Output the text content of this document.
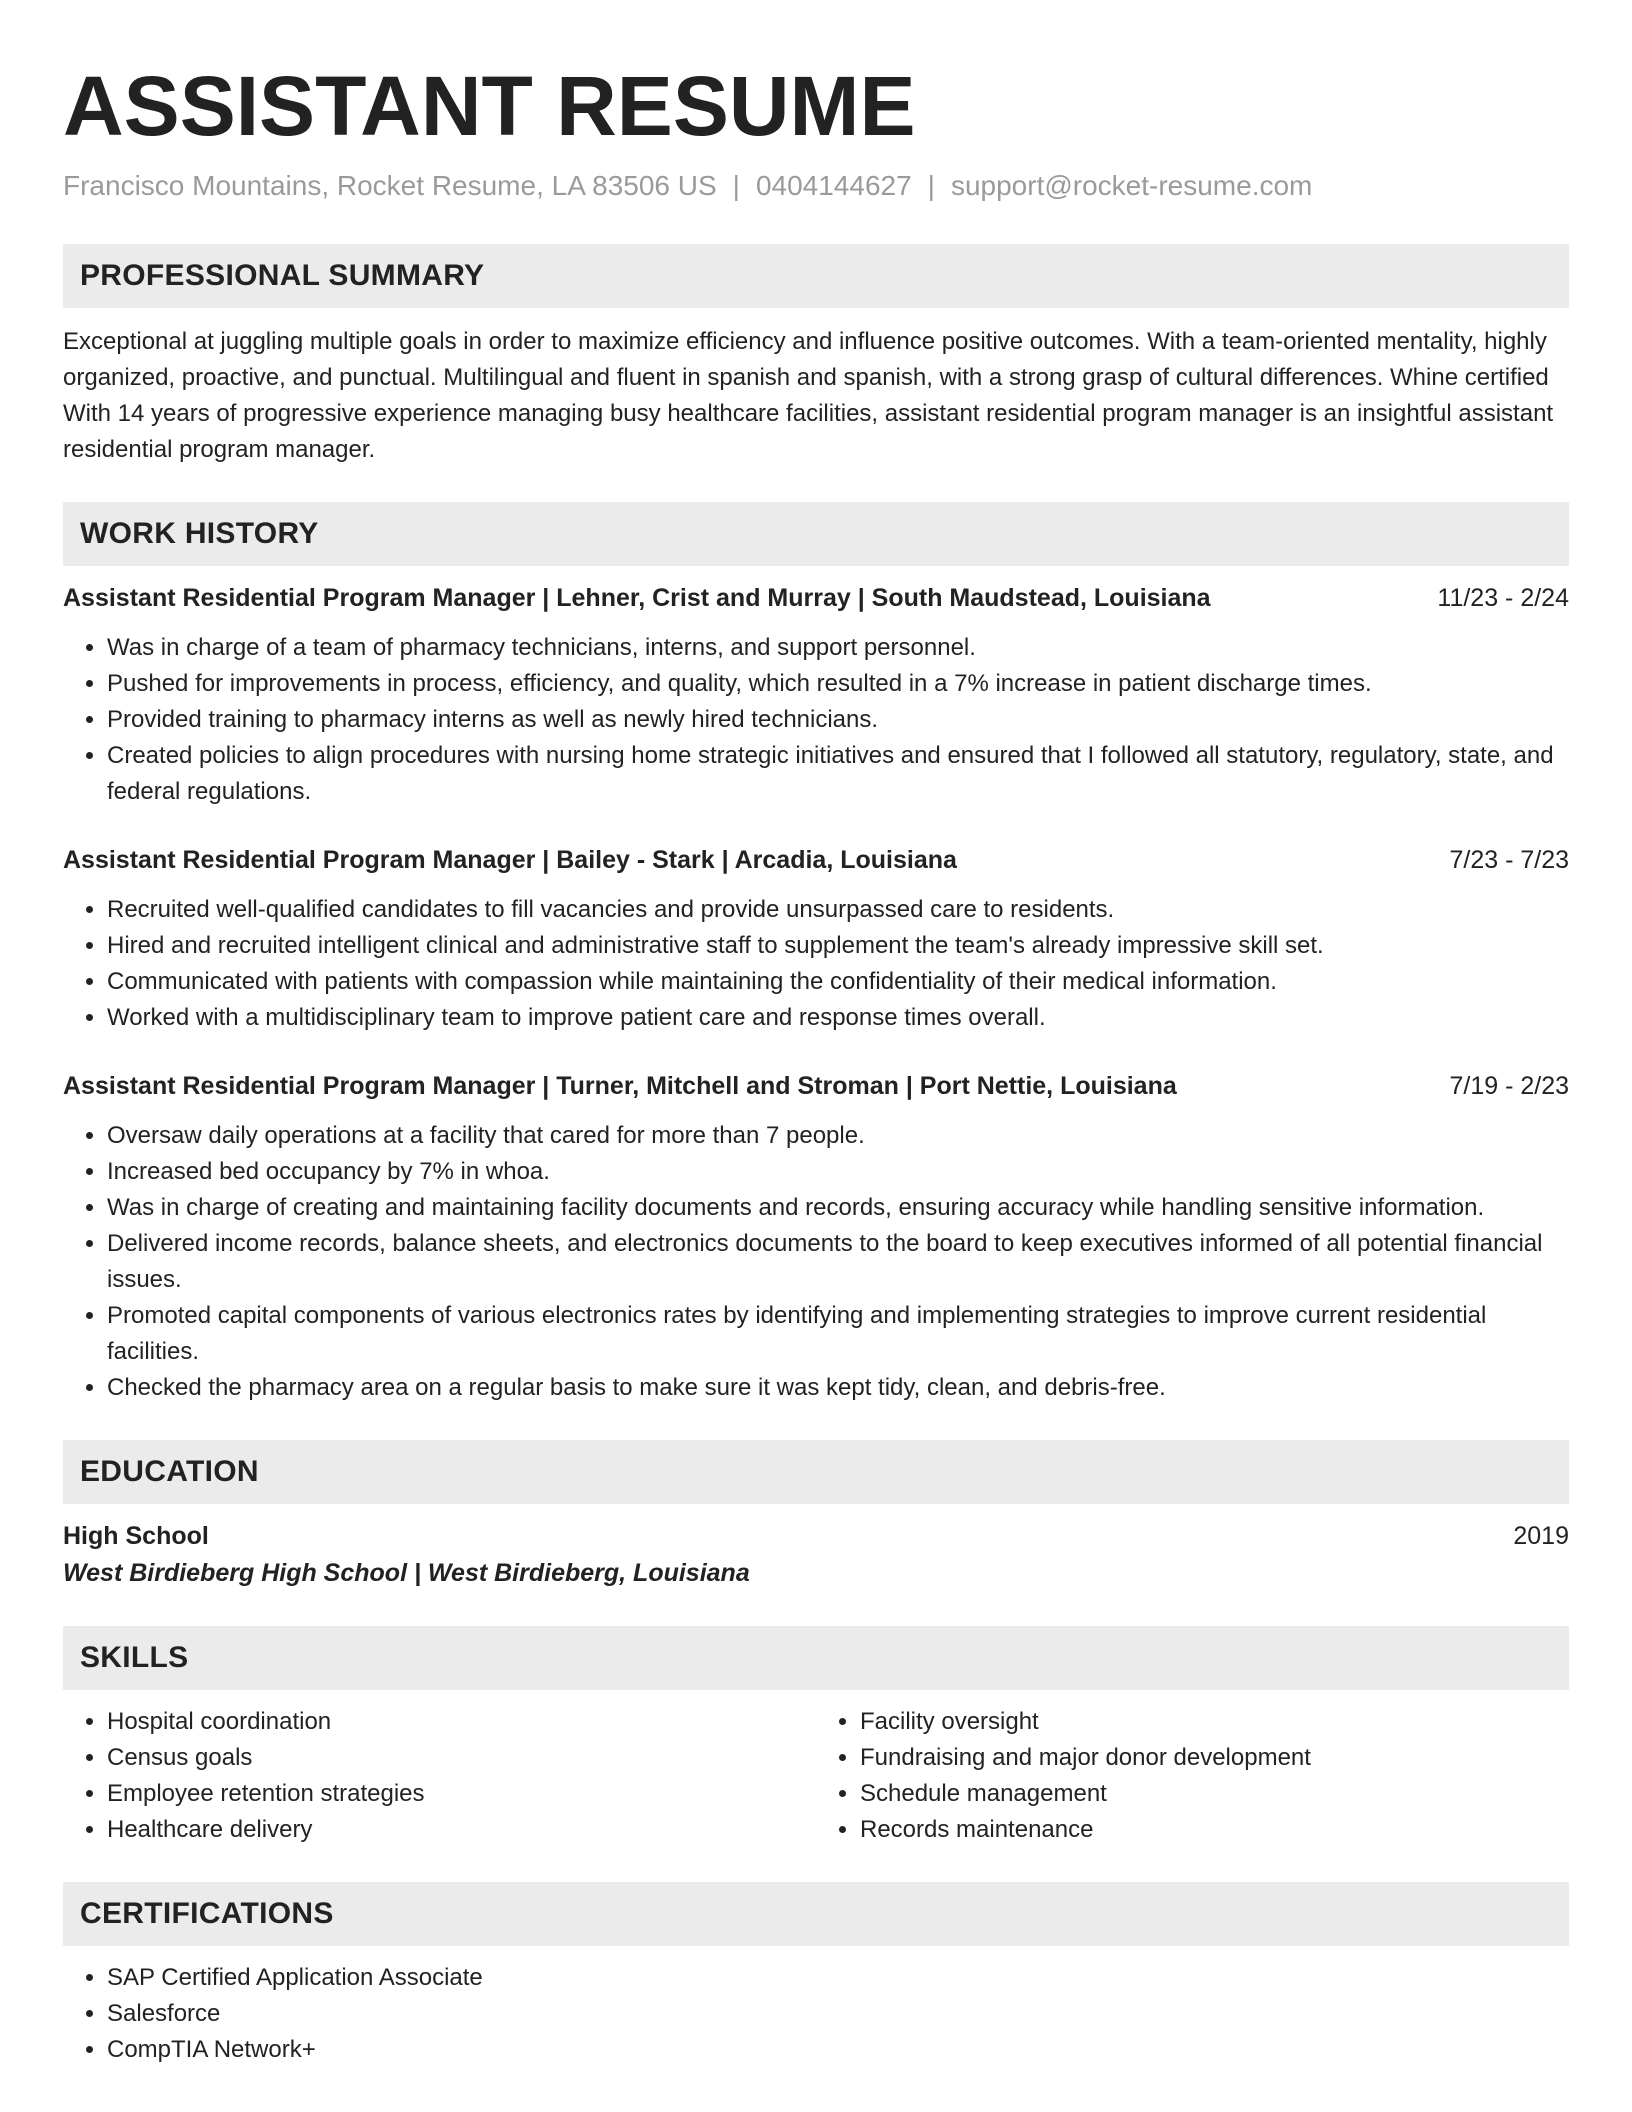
ASSISTANT RESUME
Francisco Mountains, Rocket Resume, LA 83506 US | 0404144627 | support@rocket-resume.com
PROFESSIONAL SUMMARY
Exceptional at juggling multiple goals in order to maximize efficiency and influence positive outcomes. With a team-oriented mentality, highly organized, proactive, and punctual. Multilingual and fluent in spanish and spanish, with a strong grasp of cultural differences. Whine certified With 14 years of progressive experience managing busy healthcare facilities, assistant residential program manager is an insightful assistant residential program manager.
WORK HISTORY
Assistant Residential Program Manager | Lehner, Crist and Murray | South Maudstead, Louisiana	11/23 - 2/24
• Was in charge of a team of pharmacy technicians, interns, and support personnel.
• Pushed for improvements in process, efficiency, and quality, which resulted in a 7% increase in patient discharge times.
• Provided training to pharmacy interns as well as newly hired technicians.
• Created policies to align procedures with nursing home strategic initiatives and ensured that I followed all statutory, regulatory, state, and federal regulations.
Assistant Residential Program Manager | Bailey - Stark | Arcadia, Louisiana	7/23 - 7/23
• Recruited well-qualified candidates to fill vacancies and provide unsurpassed care to residents.
• Hired and recruited intelligent clinical and administrative staff to supplement the team's already impressive skill set.
• Communicated with patients with compassion while maintaining the confidentiality of their medical information.
• Worked with a multidisciplinary team to improve patient care and response times overall.
Assistant Residential Program Manager | Turner, Mitchell and Stroman | Port Nettie, Louisiana	7/19 - 2/23
• Oversaw daily operations at a facility that cared for more than 7 people.
• Increased bed occupancy by 7% in whoa.
• Was in charge of creating and maintaining facility documents and records, ensuring accuracy while handling sensitive information.
• Delivered income records, balance sheets, and electronics documents to the board to keep executives informed of all potential financial issues.
• Promoted capital components of various electronics rates by identifying and implementing strategies to improve current residential facilities.
• Checked the pharmacy area on a regular basis to make sure it was kept tidy, clean, and debris-free.
EDUCATION
High School	2019
West Birdieberg High School | West Birdieberg, Louisiana
SKILLS
• Hospital coordination
• Census goals
• Employee retention strategies
• Healthcare delivery
• Facility oversight
• Fundraising and major donor development
• Schedule management
• Records maintenance
CERTIFICATIONS
• SAP Certified Application Associate
• Salesforce
• CompTIA Network+
